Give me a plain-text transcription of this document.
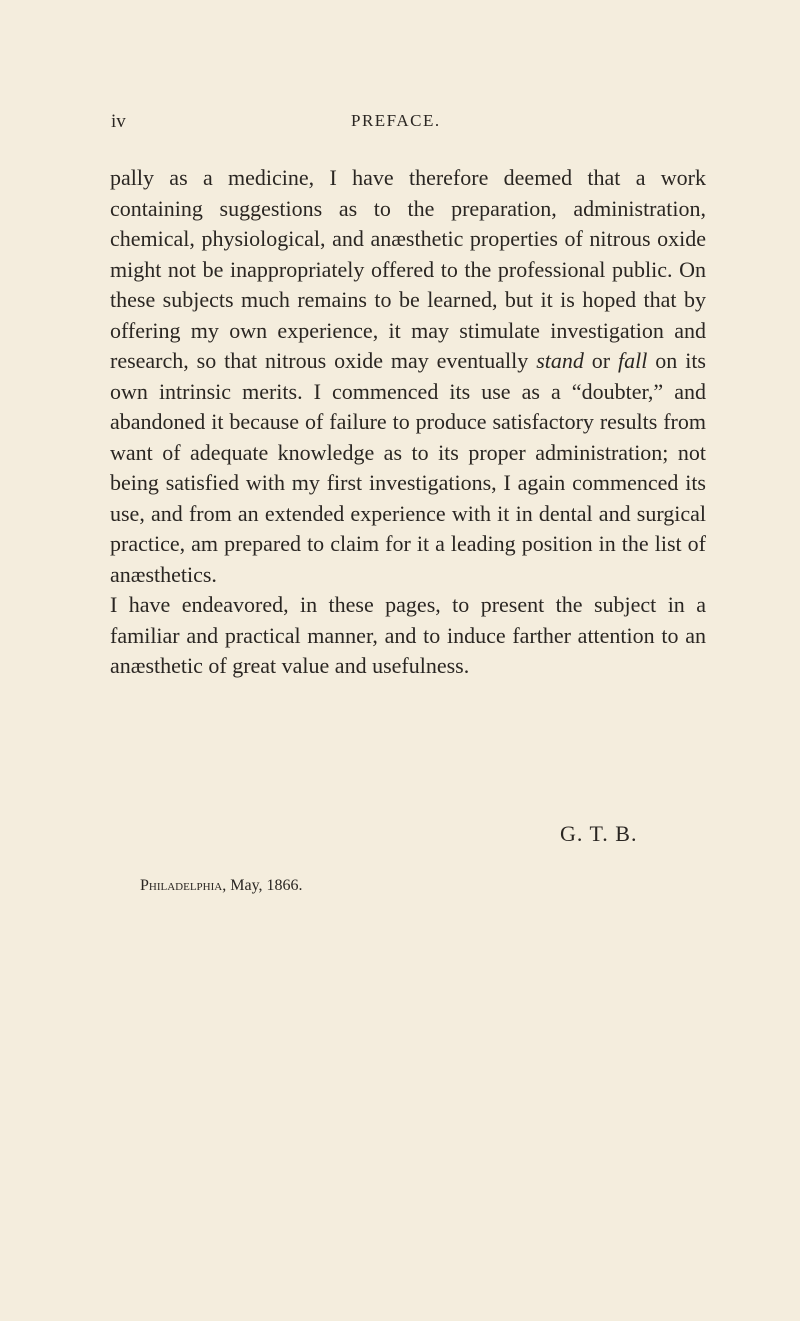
iv	PREFACE.

pally as a medicine, I have therefore deemed that a work containing suggestions as to the preparation, administration, chemical, physiological, and anæsthetic properties of nitrous oxide might not be inappropriately offered to the professional public. On these subjects much remains to be learned, but it is hoped that by offering my own experience, it may stimulate investigation and research, so that nitrous oxide may eventually stand or fall on its own intrinsic merits. I commenced its use as a “doubter,” and abandoned it because of failure to produce satisfactory results from want of adequate knowledge as to its proper administration; not being satisfied with my first investigations, I again commenced its use, and from an extended experience with it in dental and surgical practice, am prepared to claim for it a leading position in the list of anæsthetics.

I have endeavored, in these pages, to present the subject in a familiar and practical manner, and to induce farther attention to an anæsthetic of great value and usefulness.

G. T. B.
Philadelphia, May, 1866.
